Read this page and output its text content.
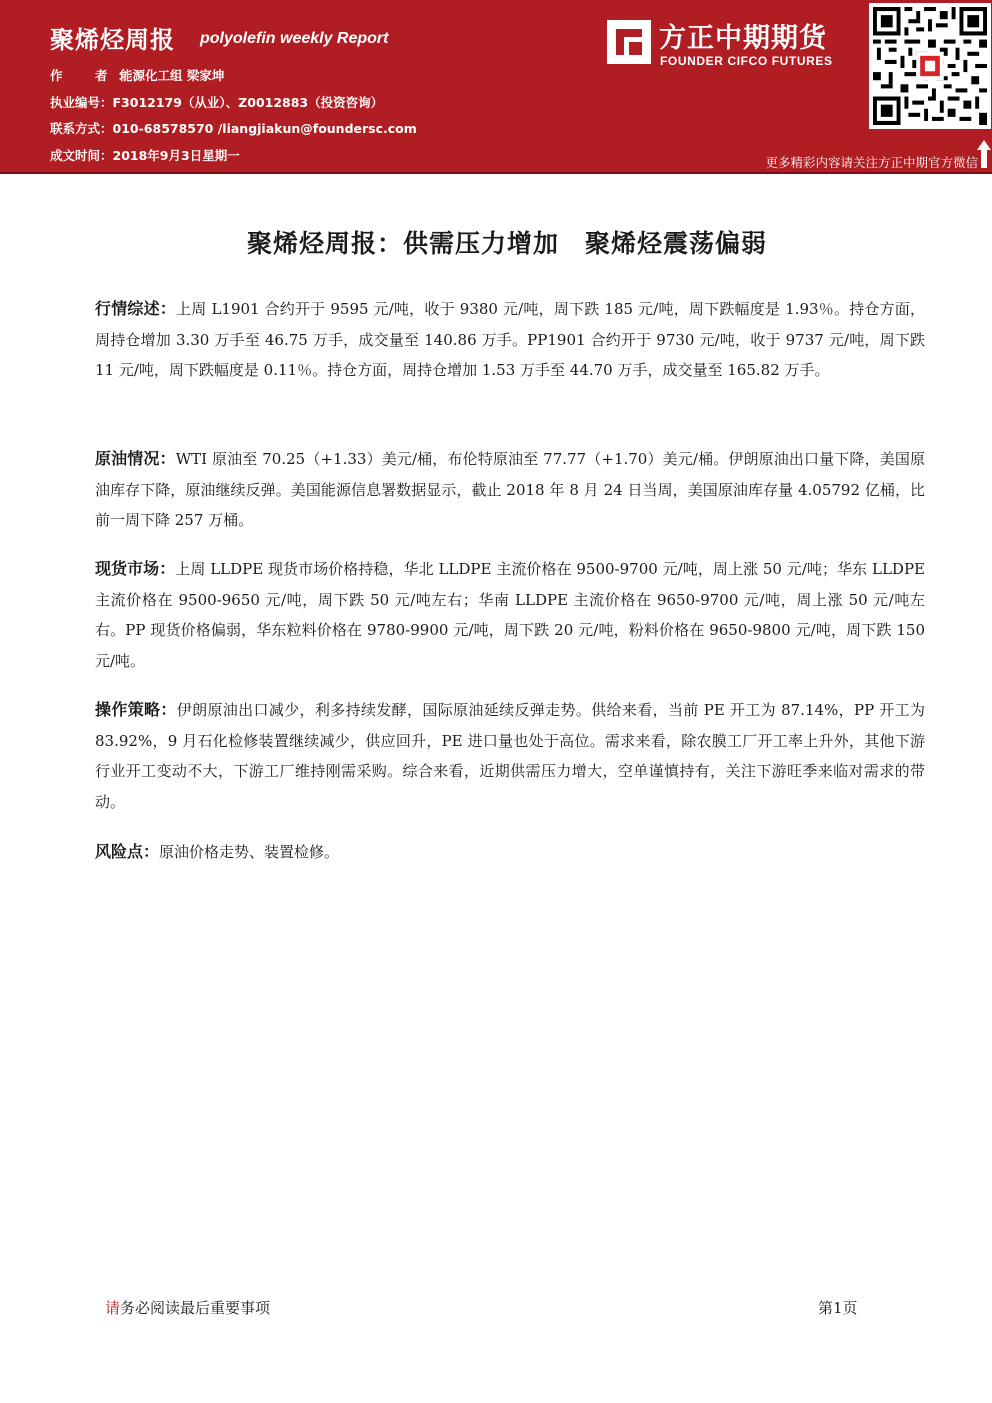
聚烯烃周报 polyolefin weekly Report
作　者：能源化工组 梁家坤
执业编号：F3012179（从业）、Z0012883（投资咨询）
联系方式：010-68578570 /liangjiakun@foundersc.com
成文时间：2018年9月3日星期一
方正中期期货
FOUNDER CIFCO FUTURES
更多精彩内容请关注方正中期官方微信
聚烯烃周报：供需压力增加　聚烯烃震荡偏弱
行情综述：上周 L1901 合约开于 9595 元/吨，收于 9380 元/吨，周下跌 185 元/吨，周下跌幅度是 1.93％。持仓方面，周持仓增加 3.30 万手至 46.75 万手，成交量至 140.86 万手。PP1901 合约开于 9730 元/吨，收于 9737 元/吨，周下跌 11 元/吨，周下跌幅度是 0.11％。持仓方面，周持仓增加 1.53 万手至 44.70 万手，成交量至 165.82 万手。
原油情况：WTI 原油至 70.25（+1.33）美元/桶，布伦特原油至 77.77（+1.70）美元/桶。伊朗原油出口量下降，美国原油库存下降，原油继续反弹。美国能源信息署数据显示，截止 2018 年 8 月 24 日当周，美国原油库存量 4.05792 亿桶，比前一周下降 257 万桶。
现货市场：上周 LLDPE 现货市场价格持稳，华北 LLDPE 主流价格在 9500-9700 元/吨，周上涨 50 元/吨；华东 LLDPE 主流价格在 9500-9650 元/吨，周下跌 50 元/吨左右；华南 LLDPE 主流价格在 9650-9700 元/吨，周上涨 50 元/吨左右。PP 现货价格偏弱，华东粒料价格在 9780-9900 元/吨，周下跌 20 元/吨，粉料价格在 9650-9800 元/吨，周下跌 150 元/吨。
操作策略：伊朗原油出口减少，利多持续发酵，国际原油延续反弹走势。供给来看，当前 PE 开工为 87.14%，PP 开工为 83.92%，9 月石化检修装置继续减少，供应回升，PE 进口量也处于高位。需求来看，除农膜工厂开工率上升外，其他下游行业开工变动不大，下游工厂维持刚需采购。综合来看，近期供需压力增大，空单谨慎持有，关注下游旺季来临对需求的带动。
风险点：原油价格走势、装置检修。
请务必阅读最后重要事项	第1页
